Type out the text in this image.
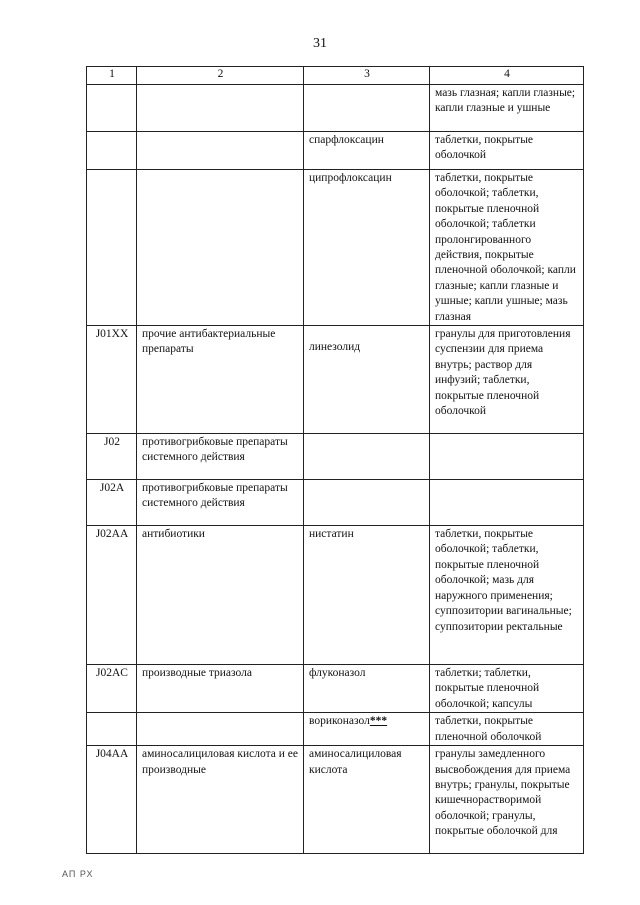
31
1	2	3	4
			мазь глазная; капли глазные; капли глазные и ушные
		спарфлоксацин	таблетки, покрытые оболочкой
		ципрофлоксацин	таблетки, покрытые оболочкой; таблетки, покрытые пленочной оболочкой; таблетки пролонгированного действия, покрытые пленочной оболочкой; капли глазные; капли глазные и ушные; капли ушные; мазь глазная
J01XX	прочие антибактериальные препараты	линезолид	гранулы для приготовления суспензии для приема внутрь; раствор для инфузий; таблетки, покрытые пленочной оболочкой
J02	противогрибковые препараты системного действия		
J02A	противогрибковые препараты системного действия		
J02AA	антибиотики	нистатин	таблетки, покрытые оболочкой; таблетки, покрытые пленочной оболочкой; мазь для наружного применения; суппозитории вагинальные; суппозитории ректальные
J02AC	производные триазола	флуконазол	таблетки; таблетки, покрытые пленочной оболочкой; капсулы
		вориконазол***	таблетки, покрытые пленочной оболочкой
J04AA	аминосалициловая кислота и ее производные	аминосалициловая кислота	гранулы замедленного высвобождения для приема внутрь; гранулы, покрытые кишечнорастворимой оболочкой; гранулы, покрытые оболочкой для
АП РХ
